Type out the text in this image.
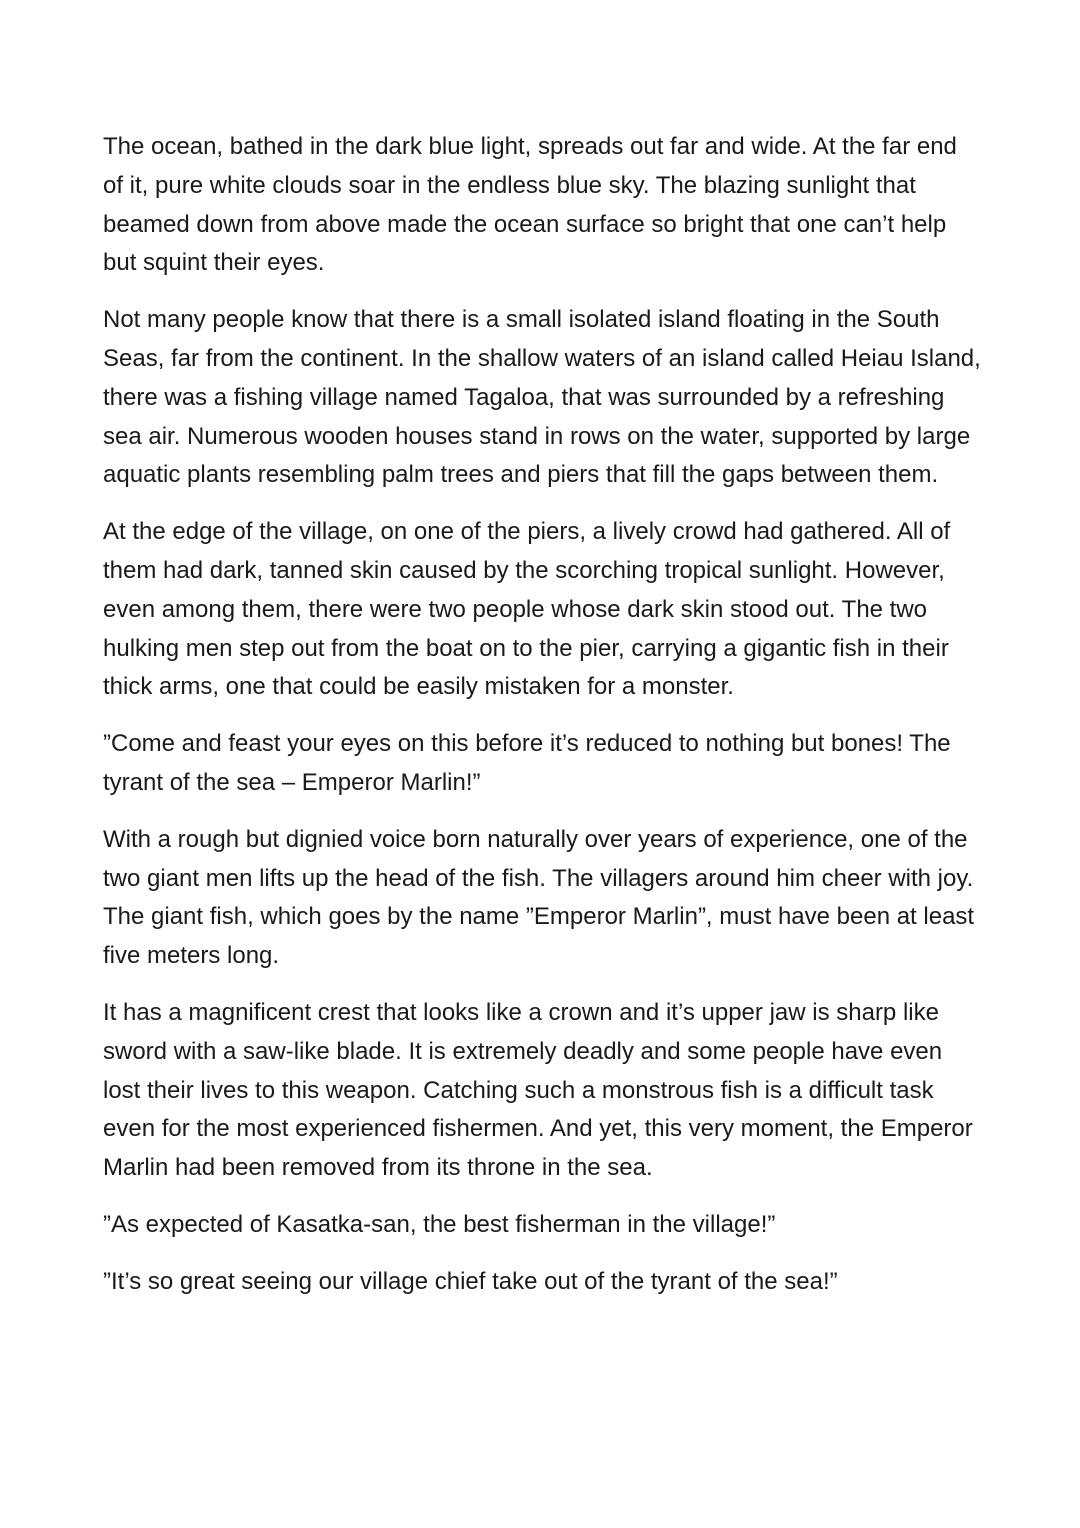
The ocean, bathed in the dark blue light, spreads out far and wide. At the far end of it, pure white clouds soar in the endless blue sky. The blazing sunlight that beamed down from above made the ocean surface so bright that one can’t help but squint their eyes.

Not many people know that there is a small isolated island floating in the South Seas, far from the continent. In the shallow waters of an island called Heiau Island, there was a fishing village named Tagaloa, that was surrounded by a refreshing sea air. Numerous wooden houses stand in rows on the water, supported by large aquatic plants resembling palm trees and piers that fill the gaps between them.

At the edge of the village, on one of the piers, a lively crowd had gathered. All of them had dark, tanned skin caused by the scorching tropical sunlight. However, even among them, there were two people whose dark skin stood out. The two hulking men step out from the boat on to the pier, carrying a gigantic fish in their thick arms, one that could be easily mistaken for a monster.

”Come and feast your eyes on this before it’s reduced to nothing but bones! The tyrant of the sea – Emperor Marlin!”

With a rough but dignied voice born naturally over years of experience, one of the two giant men lifts up the head of the fish. The villagers around him cheer with joy. The giant fish, which goes by the name ”Emperor Marlin”, must have been at least five meters long.

It has a magnificent crest that looks like a crown and it’s upper jaw is sharp like sword with a saw-like blade. It is extremely deadly and some people have even lost their lives to this weapon. Catching such a monstrous fish is a difficult task even for the most experienced fishermen. And yet, this very moment, the Emperor Marlin had been removed from its throne in the sea.

”As expected of Kasatka-san, the best fisherman in the village!”

”It’s so great seeing our village chief take out of the tyrant of the sea!”
